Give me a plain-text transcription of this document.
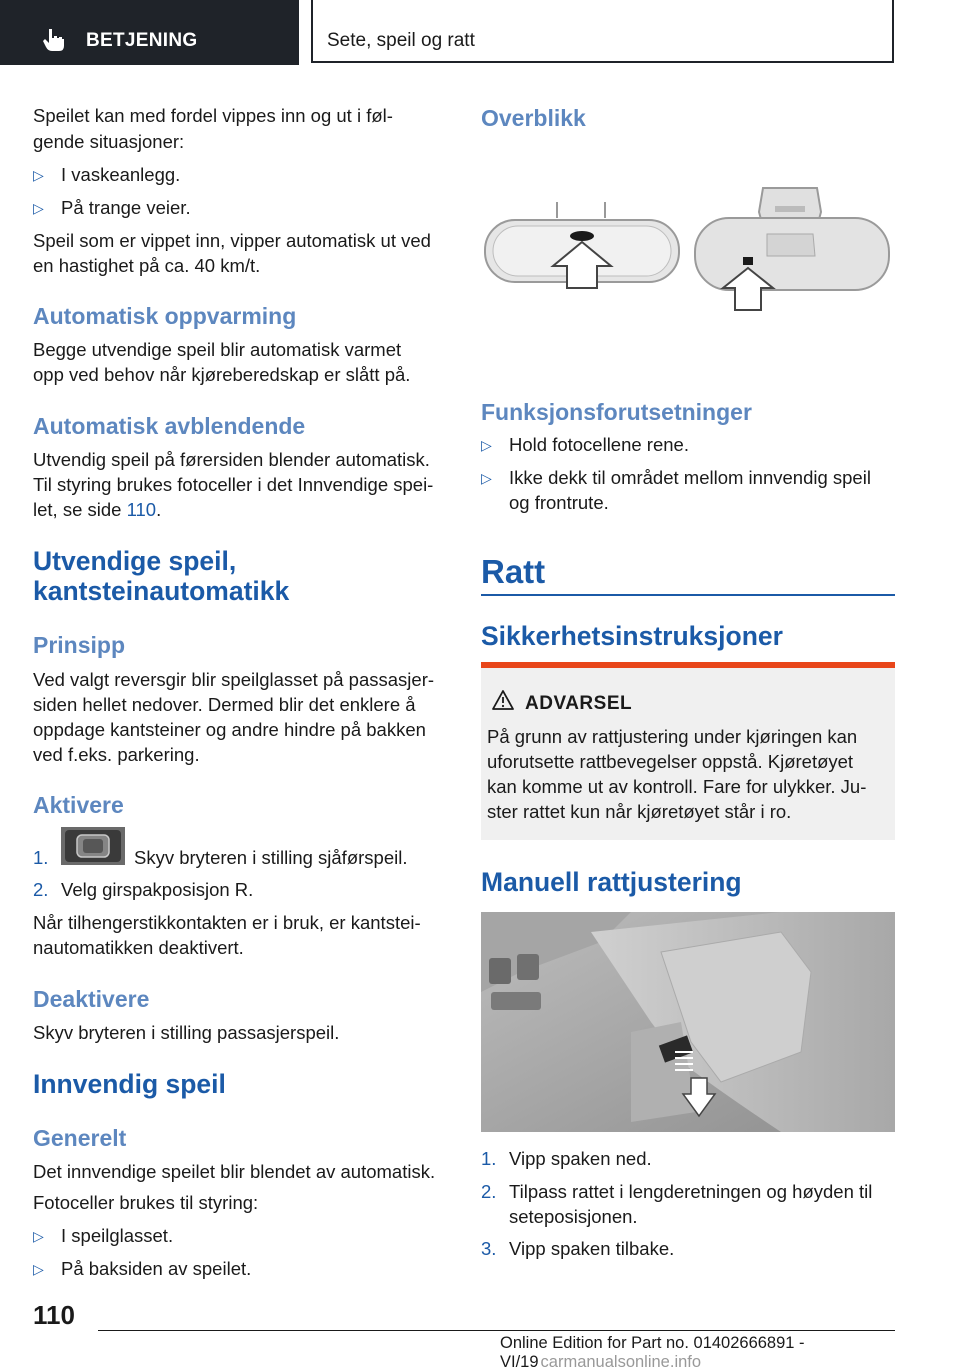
BETJENING	Sete, speil og ratt

Speilet kan med fordel vippes inn og ut i føl-

gende situasjoner:

▷ I vaskeanlegg.
▷ På trange veier.

Speil som er vippet inn, vipper automatisk ut ved

en hastighet på ca. 40 km/t.

Automatisk oppvarming

Begge utvendige speil blir automatisk varmet

opp ved behov når kjøreberedskap er slått på.

Automatisk avblendende

Utvendig speil på førersiden blender automatisk.

Til styring brukes fotoceller i det Innvendige spei-

let, se side 110.

Utvendige speil,
kantsteinautomatikk
Prinsipp

Ved valgt reversgir blir speilglasset på passasjer-

siden hellet nedover. Dermed blir det enklere å

oppdage kantsteiner og andre hindre på bakken

ved f.eks. parkering.

Aktivere
1.	Skyv bryteren i stilling sjåførspeil.
2. Velg girspakposisjon R.

Når tilhengerstikkontakten er i bruk, er kantstei-

nautomatikken deaktivert.

Deaktivere

Skyv bryteren i stilling passasjerspeil.

Innvendig speil
Generelt

Det innvendige speilet blir blendet av automatisk.

Fotoceller brukes til styring:

▷ I speilglasset.
▷ På baksiden av speilet.
Overblikk
Funksjonsforutsetninger
▷ Hold fotocellene rene.
▷ Ikke dekk til området mellom innvendig speil

og frontrute.

Ratt
Sikkerhetsinstruksjoner
ADVARSEL
På grunn av rattjustering under kjøringen kan
uforutsette rattbevegelser oppstå. Kjøretøyet
kan komme ut av kontroll. Fare for ulykker. Ju-
ster rattet kun når kjøretøyet står i ro.
Manuell rattjustering
1. Vipp spaken ned.
2. Tilpass rattet i lengderetningen og høyden til

seteposisjonen.

3. Vipp spaken tilbake.
110
Online Edition for Part no. 01402666891 - VI/19 carmanualsonline.info
